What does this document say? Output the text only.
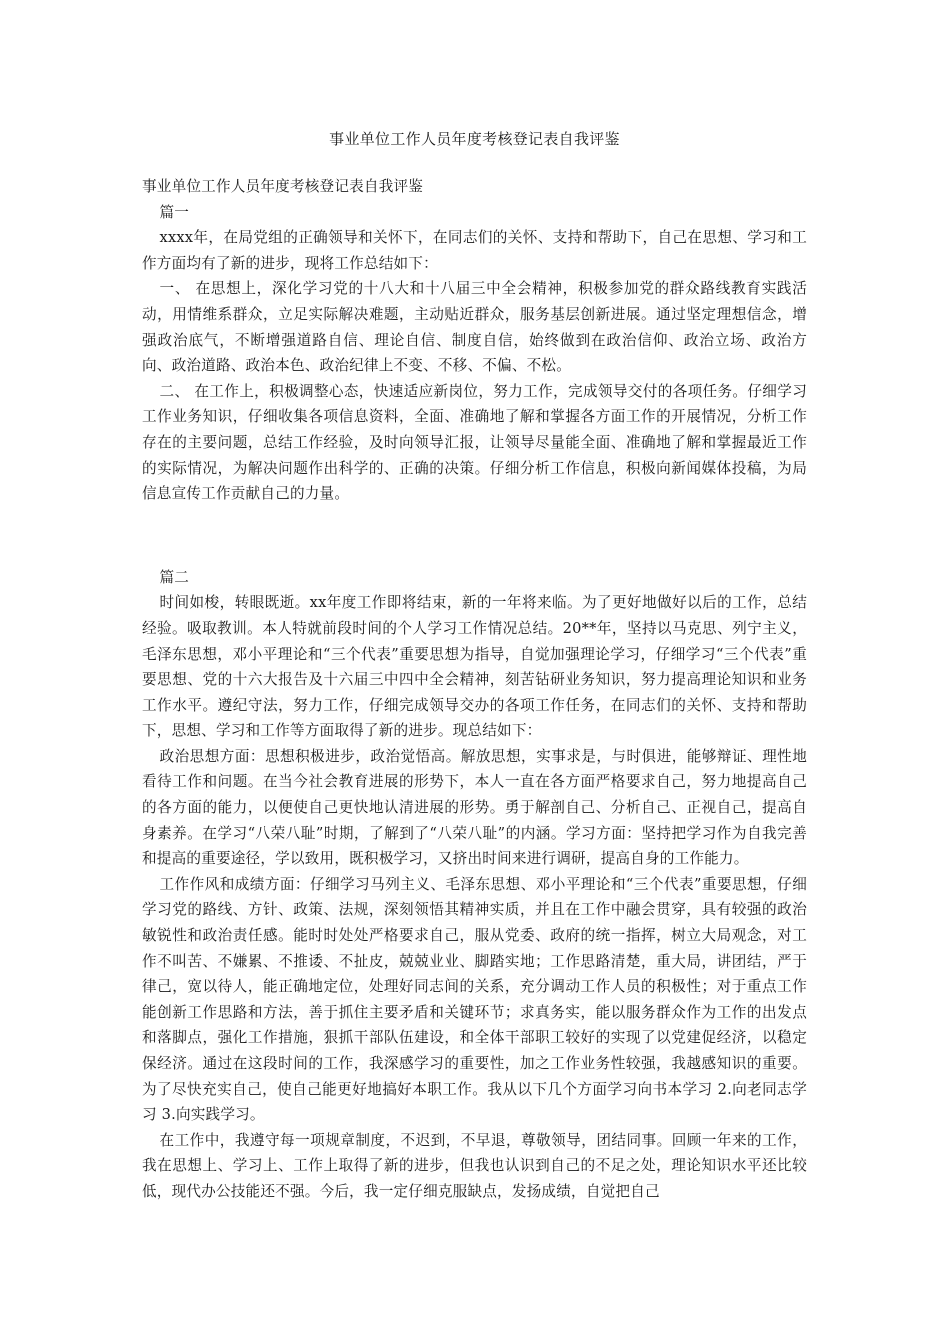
事业单位工作人员年度考核登记表自我评鉴

事业单位工作人员年度考核登记表自我评鉴

篇一

xxxx年，在局党组的正确领导和关怀下，在同志们的关怀、支持和帮助下，自己在思想、学习和工作方面均有了新的进步，现将工作总结如下：

一、 在思想上，深化学习党的十八大和十八届三中全会精神，积极参加党的群众路线教育实践活动，用情维系群众，立足实际解决难题，主动贴近群众，服务基层创新进展。通过坚定理想信念，增强政治底气，不断增强道路自信、理论自信、制度自信，始终做到在政治信仰、政治立场、政治方向、政治道路、政治本色、政治纪律上不变、不移、不偏、不松。

二、 在工作上，积极调整心态，快速适应新岗位，努力工作，完成领导交付的各项任务。仔细学习工作业务知识，仔细收集各项信息资料，全面、准确地了解和掌握各方面工作的开展情况，分析工作存在的主要问题，总结工作经验，及时向领导汇报，让领导尽量能全面、准确地了解和掌握最近工作的实际情况，为解决问题作出科学的、正确的决策。仔细分析工作信息，积极向新闻媒体投稿，为局信息宣传工作贡献自己的力量。

篇二

时间如梭，转眼既逝。xx年度工作即将结束，新的一年将来临。为了更好地做好以后的工作，总结经验。吸取教训。本人特就前段时间的个人学习工作情况总结。20**年，坚持以马克思、列宁主义，毛泽东思想，邓小平理论和“三个代表”重要思想为指导，自觉加强理论学习，仔细学习“三个代表”重要思想、党的十六大报告及十六届三中四中全会精神，刻苦钻研业务知识，努力提高理论知识和业务工作水平。遵纪守法，努力工作，仔细完成领导交办的各项工作任务，在同志们的关怀、支持和帮助下，思想、学习和工作等方面取得了新的进步。现总结如下：

政治思想方面：思想积极进步，政治觉悟高。解放思想，实事求是，与时俱进，能够辩证、理性地看待工作和问题。在当今社会教育进展的形势下，本人一直在各方面严格要求自己，努力地提高自己的各方面的能力，以便使自己更快地认清进展的形势。勇于解剖自己、分析自己、正视自己，提高自身素养。在学习“八荣八耻”时期，了解到了“八荣八耻”的内涵。学习方面：坚持把学习作为自我完善和提高的重要途径，学以致用，既积极学习，又挤出时间来进行调研，提高自身的工作能力。

工作作风和成绩方面：仔细学习马列主义、毛泽东思想、邓小平理论和“三个代表”重要思想，仔细学习党的路线、方针、政策、法规，深刻领悟其精神实质，并且在工作中融会贯穿，具有较强的政治敏锐性和政治责任感。能时时处处严格要求自己，服从党委、政府的统一指挥，树立大局观念，对工作不叫苦、不嫌累、不推诿、不扯皮，兢兢业业、脚踏实地；工作思路清楚，重大局，讲团结，严于律己，宽以待人，能正确地定位，处理好同志间的关系，充分调动工作人员的积极性；对于重点工作能创新工作思路和方法，善于抓住主要矛盾和关键环节；求真务实，能以服务群众作为工作的出发点和落脚点，强化工作措施，狠抓干部队伍建设，和全体干部职工较好的实现了以党建促经济，以稳定保经济。通过在这段时间的工作，我深感学习的重要性，加之工作业务性较强，我越感知识的重要。为了尽快充实自己，使自己能更好地搞好本职工作。我从以下几个方面学习向书本学习 2.向老同志学习 3.向实践学习。

在工作中，我遵守每一项规章制度，不迟到，不早退，尊敬领导，团结同事。回顾一年来的工作，我在思想上、学习上、工作上取得了新的进步，但我也认识到自己的不足之处，理论知识水平还比较低，现代办公技能还不强。今后，我一定仔细克服缺点，发扬成绩，自觉把自己
